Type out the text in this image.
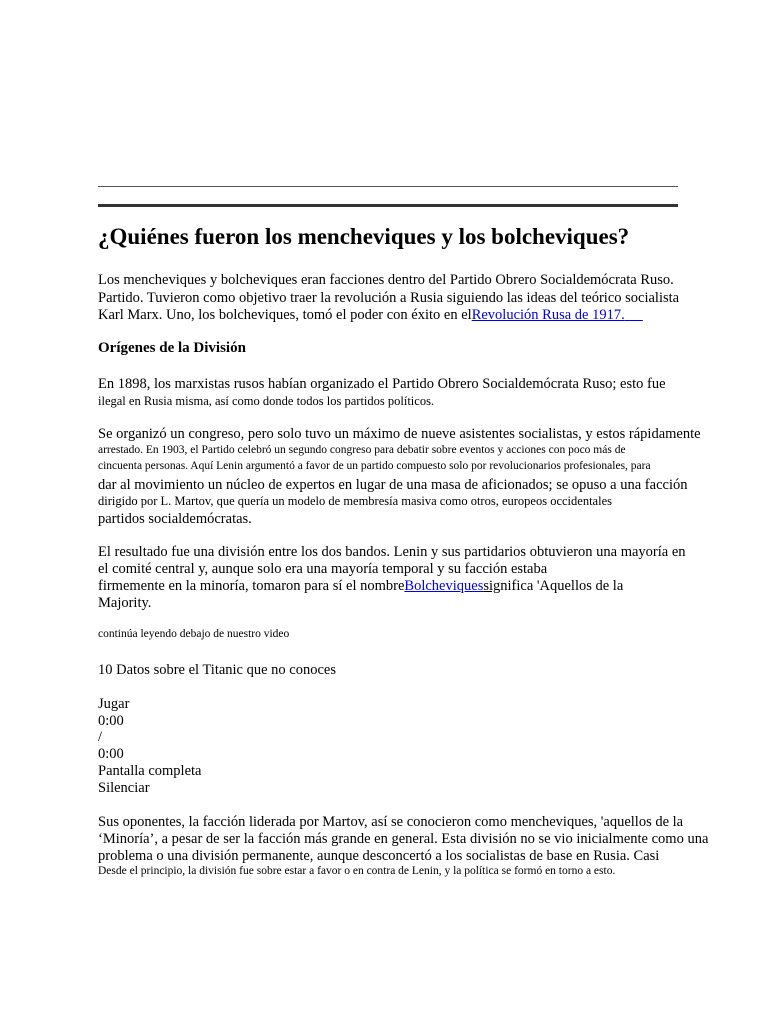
¿Quiénes fueron los mencheviques y los bolcheviques?

Los mencheviques y bolcheviques eran facciones dentro del Partido Obrero Socialdemócrata Ruso.

Partido. Tuvieron como objetivo traer la revolución a Rusia siguiendo las ideas del teórico socialista

Karl Marx. Uno, los bolcheviques, tomó el poder con éxito en elRevolución Rusa de 1917.

Orígenes de la División

En 1898, los marxistas rusos habían organizado el Partido Obrero Socialdemócrata Ruso; esto fue

ilegal en Rusia misma, así como donde todos los partidos políticos.

Se organizó un congreso, pero solo tuvo un máximo de nueve asistentes socialistas, y estos rápidamente

arrestado. En 1903, el Partido celebró un segundo congreso para debatir sobre eventos y acciones con poco más de

cincuenta personas. Aquí Lenin argumentó a favor de un partido compuesto solo por revolucionarios profesionales, para

dar al movimiento un núcleo de expertos en lugar de una masa de aficionados; se opuso a una facción

dirigido por L. Martov, que quería un modelo de membresía masiva como otros, europeos occidentales

partidos socialdemócratas.

El resultado fue una división entre los dos bandos. Lenin y sus partidarios obtuvieron una mayoría en

el comité central y, aunque solo era una mayoría temporal y su facción estaba

firmemente en la minoría, tomaron para sí el nombreBolcheviquessignifica 'Aquellos de la

Majority.

continúa leyendo debajo de nuestro video

10 Datos sobre el Titanic que no conoces

Jugar

0:00

/

0:00

Pantalla completa

Silenciar

Sus oponentes, la facción liderada por Martov, así se conocieron como mencheviques, 'aquellos de la

‘Minoría’, a pesar de ser la facción más grande en general. Esta división no se vio inicialmente como una

problema o una división permanente, aunque desconcertó a los socialistas de base en Rusia. Casi

Desde el principio, la división fue sobre estar a favor o en contra de Lenin, y la política se formó en torno a esto.
